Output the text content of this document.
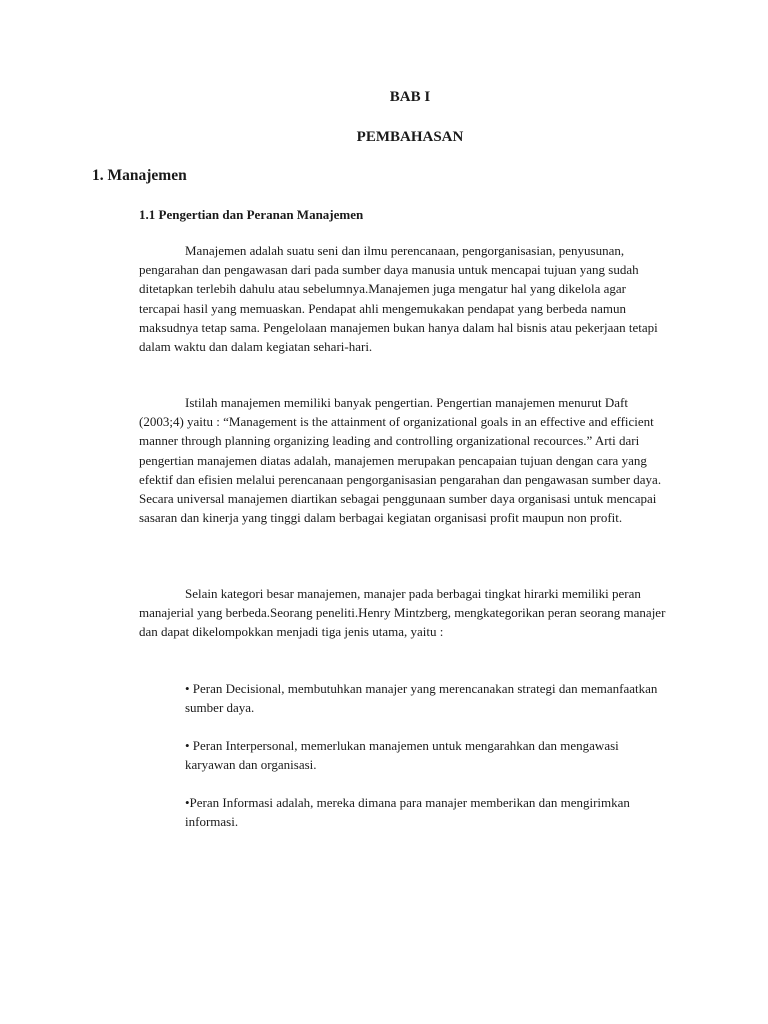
BAB I
PEMBAHASAN
1. Manajemen
1.1 Pengertian dan Peranan Manajemen

Manajemen adalah suatu seni dan ilmu perencanaan, pengorganisasian, penyusunan, pengarahan dan pengawasan dari pada sumber daya manusia untuk mencapai tujuan yang sudah ditetapkan terlebih dahulu atau sebelumnya.Manajemen juga mengatur hal yang dikelola agar tercapai hasil yang memuaskan. Pendapat ahli mengemukakan pendapat yang berbeda namun maksudnya tetap sama. Pengelolaan manajemen bukan hanya dalam hal bisnis atau pekerjaan tetapi dalam waktu dan dalam kegiatan sehari-hari.

Istilah manajemen memiliki banyak pengertian. Pengertian manajemen menurut Daft (2003;4) yaitu : “Management is the attainment of organizational goals in an effective and efficient manner through planning organizing leading and controlling organizational recources.” Arti dari pengertian manajemen diatas adalah, manajemen merupakan pencapaian tujuan dengan cara yang efektif dan efisien melalui perencanaan pengorganisasian pengarahan dan pengawasan sumber daya. Secara universal manajemen diartikan sebagai penggunaan sumber daya organisasi untuk mencapai sasaran dan kinerja yang tinggi dalam berbagai kegiatan organisasi profit maupun non profit.

Selain kategori besar manajemen, manajer pada berbagai tingkat hirarki memiliki peran manajerial yang berbeda.Seorang peneliti.Henry Mintzberg, mengkategorikan peran seorang manajer dan dapat dikelompokkan menjadi tiga jenis utama, yaitu :

• Peran Decisional, membutuhkan manajer yang merencanakan strategi dan memanfaatkan sumber daya.

• Peran Interpersonal, memerlukan manajemen untuk mengarahkan dan mengawasi karyawan dan organisasi.

•Peran Informasi adalah, mereka dimana para manajer memberikan dan mengirimkan informasi.
